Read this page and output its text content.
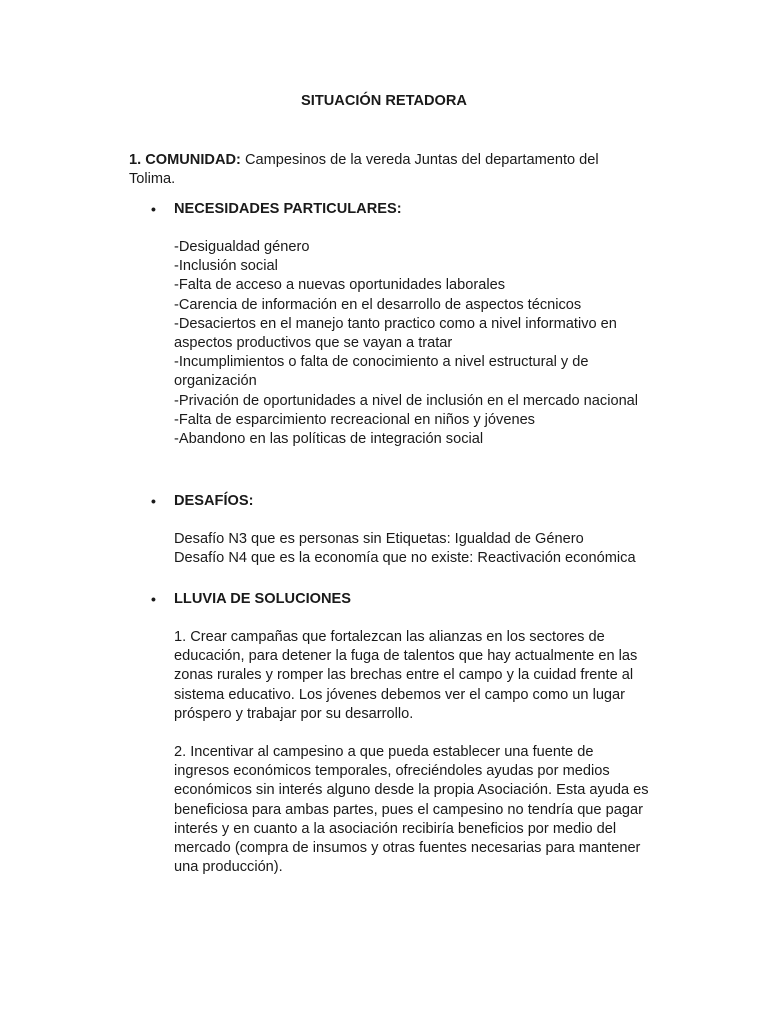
SITUACIÓN RETADORA
1. COMUNIDAD: Campesinos de la vereda Juntas del departamento del Tolima.
• NECESIDADES PARTICULARES:
-Desigualdad género
-Inclusión social
-Falta de acceso a nuevas oportunidades laborales
-Carencia de información en el desarrollo de aspectos técnicos
-Desaciertos en el manejo tanto practico como a nivel informativo en
aspectos productivos que se vayan a tratar
-Incumplimientos o falta de conocimiento a nivel estructural y de
organización
-Privación de oportunidades a nivel de inclusión en el mercado nacional
-Falta de esparcimiento recreacional en niños y jóvenes
-Abandono en las políticas de integración social
• DESAFÍOS:
Desafío N3 que es personas sin Etiquetas: Igualdad de Género
Desafío N4 que es la economía que no existe: Reactivación económica
• LLUVIA DE SOLUCIONES
1. Crear campañas que fortalezcan las alianzas en los sectores de educación, para detener la fuga de talentos que hay actualmente en las zonas rurales y romper las brechas entre el campo y la cuidad frente al sistema educativo. Los jóvenes debemos ver el campo como un lugar próspero y trabajar por su desarrollo.
2. Incentivar al campesino a que pueda establecer una fuente de ingresos económicos temporales, ofreciéndoles ayudas por medios económicos sin interés alguno desde la propia Asociación. Esta ayuda es beneficiosa para ambas partes, pues el campesino no tendría que pagar interés y en cuanto a la asociación recibiría beneficios por medio del mercado (compra de insumos y otras fuentes necesarias para mantener una producción).
